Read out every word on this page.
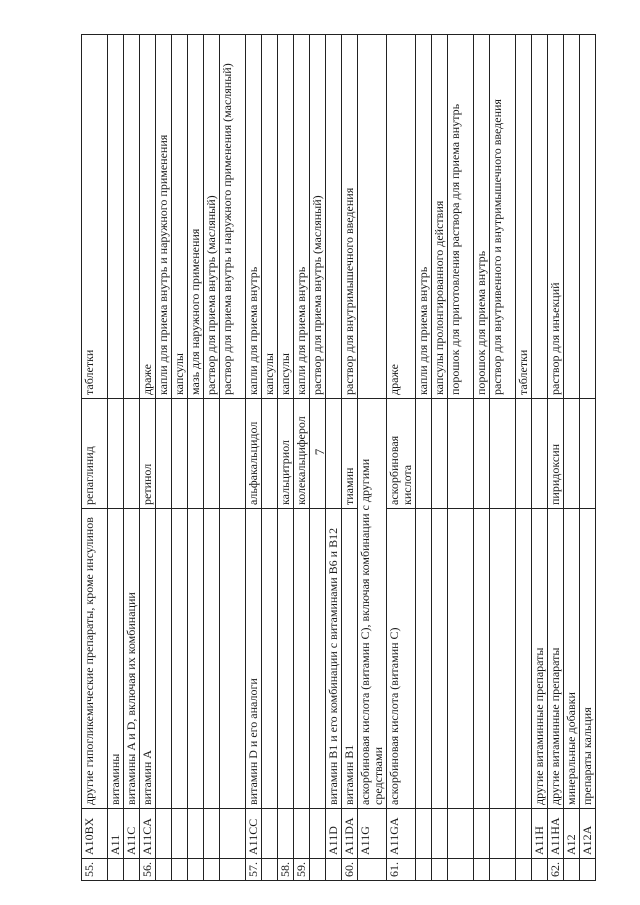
7
55.	A10BX	другие гипогликемические препараты, кроме инсулинов	репаглинид	таблетки
	A11	витамины		
	A11C	витамины A и D, включая их комбинации		
56.	A11CA	витамин A	ретинол	драже
				капли для приема внутрь и наружного применения
				капсулы
				мазь для наружного применения
				раствор для приема внутрь (масляный)
				раствор для приема внутрь и наружного применения (масляный)
57.	A11CC	витамин D и его аналоги	альфакальцидол	капли для приема внутрь
				капсулы
58.			кальцитриол	капсулы
59.			колекальциферол	капли для приема внутрь
				раствор для приема внутрь (масляный)
	A11D	витамин B1 и его комбинации с витаминами B6 и B12		
60.	A11DA	витамин B1	тиамин	раствор для внутримышечного введения
	A11G	аскорбиновая кислота (витамин C), включая комбинации с другими средствами		
61.	A11GA	аскорбиновая кислота (витамин C)	аскорбиновая кислота	драже
				капли для приема внутрь
				капсулы пролонгированного действия
				порошок для приготовления раствора для приема внутрь
				порошок для приема внутрь
				раствор для внутривенного и внутримышечного введения
				таблетки
	A11H	другие витаминные препараты		
62.	A11HA	другие витаминные препараты	пиридоксин	раствор для инъекций
	A12	минеральные добавки		
	A12A	препараты кальция		
